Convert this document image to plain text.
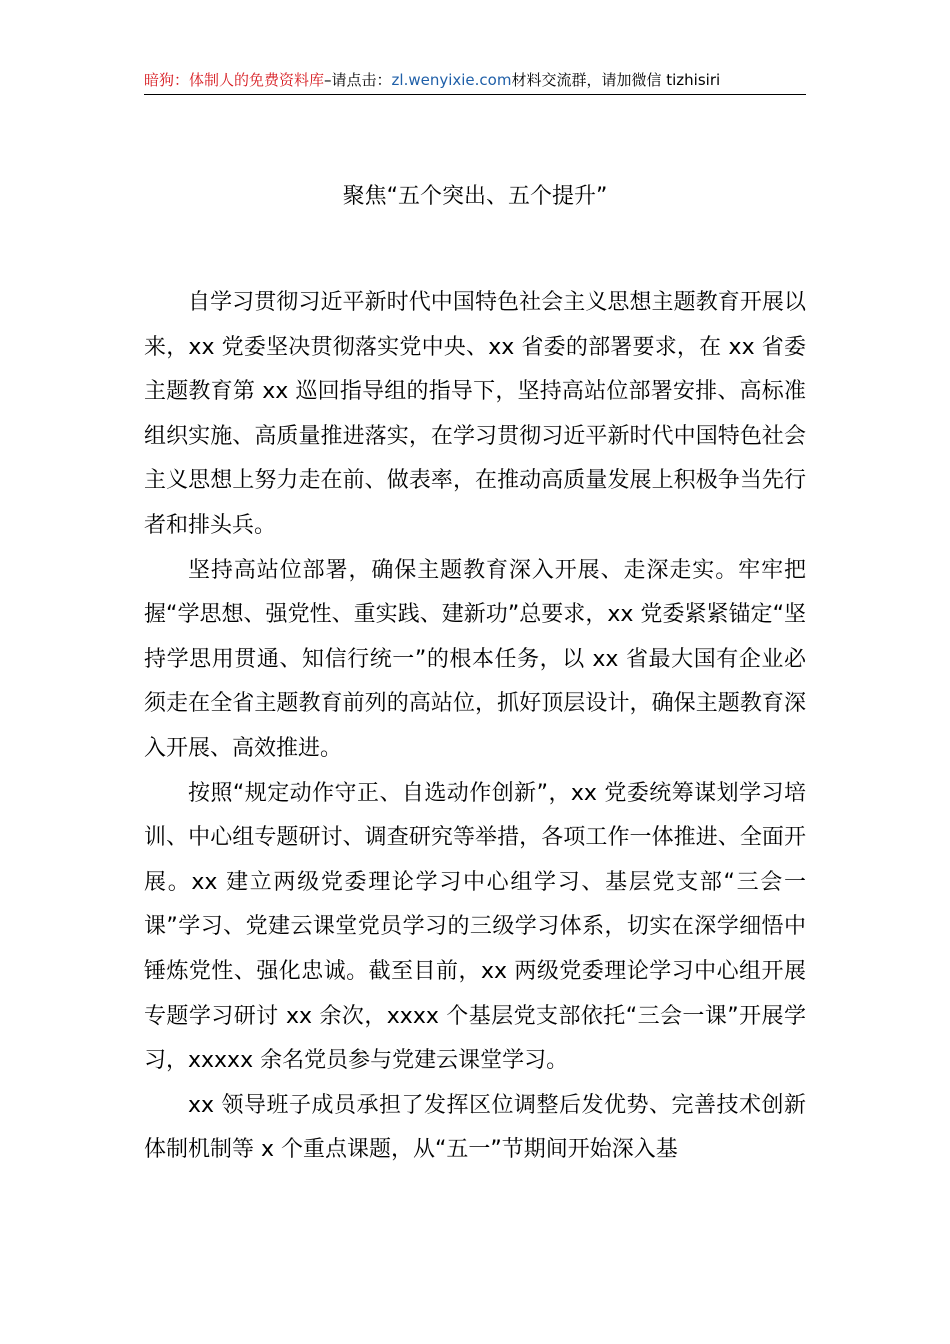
暗狗：体制人的免费资料库–请点击：zl.wenyixie.com材料交流群，请加微信 tizhisiri
聚焦“五个突出、五个提升”

自学习贯彻习近平新时代中国特色社会主义思想主题教育开展以来，xx 党委坚决贯彻落实党中央、xx 省委的部署要求，在 xx 省委主题教育第 xx 巡回指导组的指导下，坚持高站位部署安排、高标准组织实施、高质量推进落实，在学习贯彻习近平新时代中国特色社会主义思想上努力走在前、做表率，在推动高质量发展上积极争当先行者和排头兵。

坚持高站位部署，确保主题教育深入开展、走深走实。牢牢把握“学思想、强党性、重实践、建新功”总要求，xx 党委紧紧锚定“坚持学思用贯通、知信行统一”的根本任务，以 xx 省最大国有企业必须走在全省主题教育前列的高站位，抓好顶层设计，确保主题教育深入开展、高效推进。

按照“规定动作守正、自选动作创新”，xx 党委统筹谋划学习培训、中心组专题研讨、调查研究等举措，各项工作一体推进、全面开展。xx 建立两级党委理论学习中心组学习、基层党支部“三会一课”学习、党建云课堂党员学习的三级学习体系，切实在深学细悟中锤炼党性、强化忠诚。截至目前，xx 两级党委理论学习中心组开展专题学习研讨 xx 余次，xxxx 个基层党支部依托“三会一课”开展学习，xxxxx 余名党员参与党建云课堂学习。

xx 领导班子成员承担了发挥区位调整后发优势、完善技术创新体制机制等 x 个重点课题，从“五一”节期间开始深入基
